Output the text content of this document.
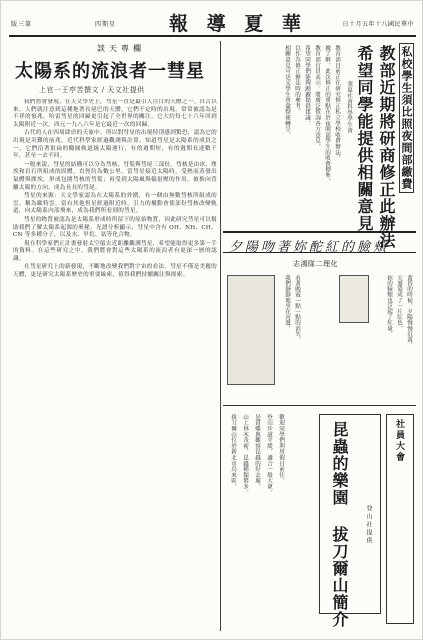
版三第	四期星	報 導 夏 華	日十月五年十八國民華中
談天專欄
太陽系的流浪者一彗星
上官一王亭苦撰文 / 天文社提供

我們將會發現，在天文學史上，彗星一直是最引人注目的天體之一。自古以來，人們就注意到這種拖著長尾巴的天體，它們不定時的出現，常常被認為是不祥的預兆。哈雷彗星的回歸更引起了全世界的關注，它大約每七十六年回到太陽附近一次，西元一九八六年是它最近一次的回歸。

古代的人在四周肆虐的天象中，所以對彗星的出現特別感到驚恐，認為它的出現是災難的前兆。近代科學家經過觀測與計算，知道彗星是太陽系的成員之一，它們沿著很扁的橢圓軌道繞太陽運行，有的週期短，有的週期長達數千年，甚至一去不回。

一般來說，彗星的結構可以分為彗核、彗髮與彗尾三部份。彗核是由冰、塵埃和岩石所組成的固體，直徑約為數公里。當彗星接近太陽時，受熱而蒸發出氣體與塵埃，形成包圍彗核的彗髮；再受到太陽風與輻射壓的作用，被推向背離太陽的方向，成為長長的彗尾。

彗星的來源：天文學家認為在太陽系的外圍，有一個由無數彗核所組成的雲，稱為歐特雲。當有其他恆星經過附近時，引力的擾動會使部份彗核改變軌道，向太陽系內部飛來，成為我們所看到的彗星。

彗星的物質被認為是太陽系形成時所留下的原始物質，因此研究彗星可以幫助我們了解太陽系起源的奧秘。光譜分析顯示，彗星中含有 OH、NH、CH、CN 等多種分子，以及水、甲烷、氨等化合物。

現在科學家們正計畫發射太空船去近距離觀測彗星，希望能取得更多第一手的資料。在這些研究之中，我們將會對這些太陽系的流浪者有更深一層的認識。

在彗星研究上的新發現，不斷地改變我們對宇宙的看法。彗星不僅是美麗的天體，更是研究太陽系歷史的重要線索，值得我們持續關注與探索。

私校學生須比照夜間部繳費
教部近期將研商修正此辦法
希望同學能提供相關意見
華夏社會科學學生會
教育部目前正在研究修正私立學校收費辦法，
據了解，此次修正的重點在於夜間部學生的收費標準，
教育部官員表示，將廣泛徵詢各方意見，
希望同學們能夠踴躍提供建議，
以作為修正辦法時的參考。
相關意見可送交學生會彙整後轉呈。
夕陽吻著妳酡紅的臉頰
志鴻隊二理化
黃昏的時候，夕陽慢慢沉落，
天邊染成了一片紅色，
妳的臉頰也泛起了紅暈，
我們靜靜地坐在河邊， 看著晚霞一點一點的消失。
拔刀爾山位於新北市烏來區， 山上林木茂密，昆蟲種類繁多， 是賞蝶與觀察昆蟲的好去處， 登山步道平緩，適合一般大眾， 歡迎同學們利用假日前往。	昆蟲的樂園 拔刀爾山簡介	登山社提供
社員大會
